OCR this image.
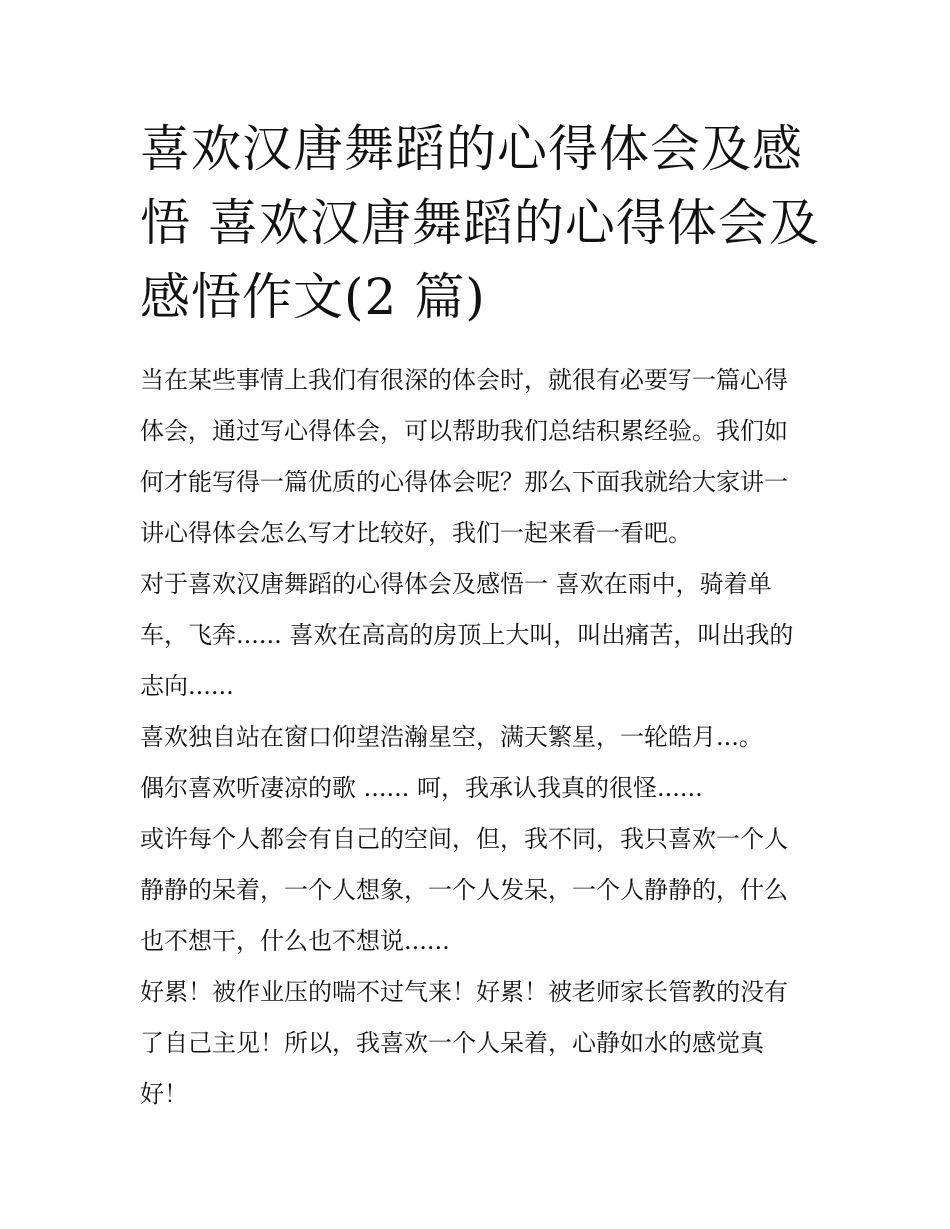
喜欢汉唐舞蹈的心得体会及感
悟 喜欢汉唐舞蹈的心得体会及
感悟作文(2 篇)

当在某些事情上我们有很深的体会时，就很有必要写一篇心得
体会，通过写心得体会，可以帮助我们总结积累经验。我们如
何才能写得一篇优质的心得体会呢？那么下面我就给大家讲一
讲心得体会怎么写才比较好，我们一起来看一看吧。

对于喜欢汉唐舞蹈的心得体会及感悟一 喜欢在雨中，骑着单
车，飞奔...... 喜欢在高高的房顶上大叫，叫出痛苦，叫出我的
志向......

喜欢独自站在窗口仰望浩瀚星空，满天繁星，一轮皓月...。

偶尔喜欢听凄凉的歌 ...... 呵，我承认我真的很怪......

或许每个人都会有自己的空间，但，我不同，我只喜欢一个人
静静的呆着，一个人想象，一个人发呆，一个人静静的，什么
也不想干，什么也不想说......

好累！被作业压的喘不过气来！好累！被老师家长管教的没有
了自己主见！所以，我喜欢一个人呆着，心静如水的感觉真
好！
